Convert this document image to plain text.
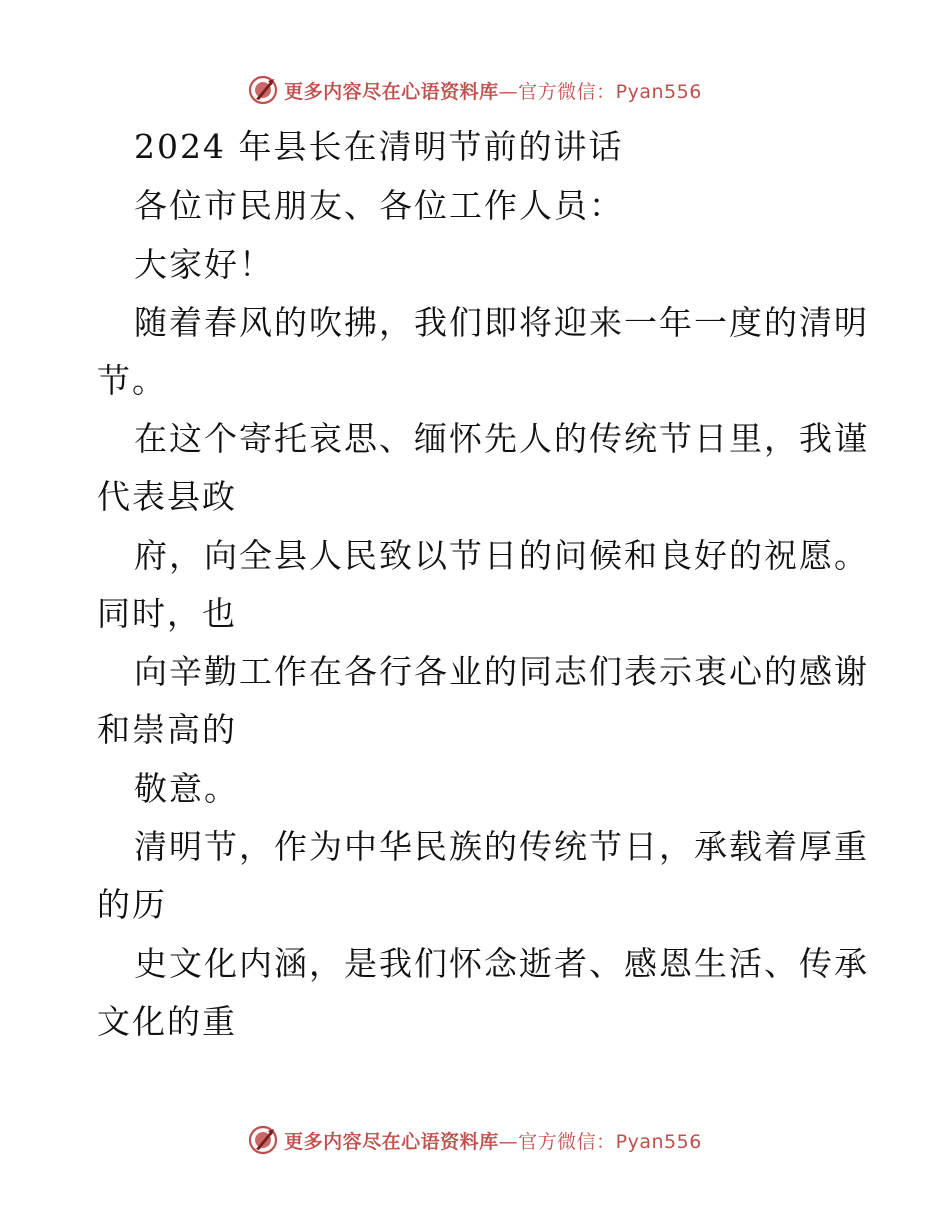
更多内容尽在心语资料库—官方微信：Pyan556
2024 年县长在清明节前的讲话
各位市民朋友、各位工作人员：
大家好！
随着春风的吹拂，我们即将迎来一年一度的清明
节。
在这个寄托哀思、缅怀先人的传统节日里，我谨
代表县政
府，向全县人民致以节日的问候和良好的祝愿。
同时，也
向辛勤工作在各行各业的同志们表示衷心的感谢
和崇高的
敬意。
清明节，作为中华民族的传统节日，承载着厚重
的历
史文化内涵，是我们怀念逝者、感恩生活、传承
文化的重
更多内容尽在心语资料库—官方微信：Pyan556
